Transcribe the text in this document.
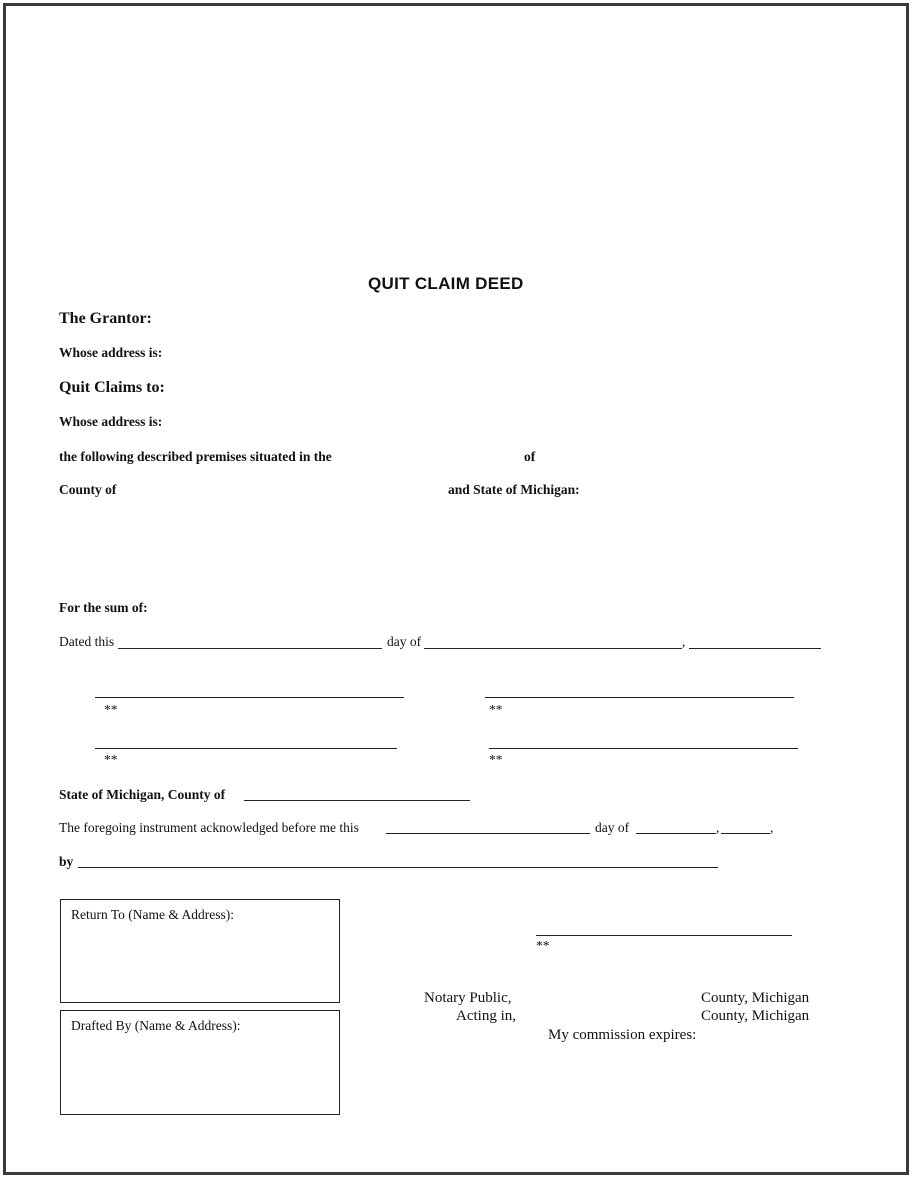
QUIT CLAIM DEED
The Grantor:
Whose address is:
Quit Claims to:
Whose address is:
the following described premises situated in the	of
County of	and State of Michigan:
For the sum of:
Dated this	day of	,
**	**
**	**
State of Michigan, County of
The foregoing instrument acknowledged before me this	day of	,	,
by
Return To (Name & Address):
Drafted By (Name & Address):
**
Notary Public,	County, Michigan
Acting in,	County, Michigan
My commission expires:
